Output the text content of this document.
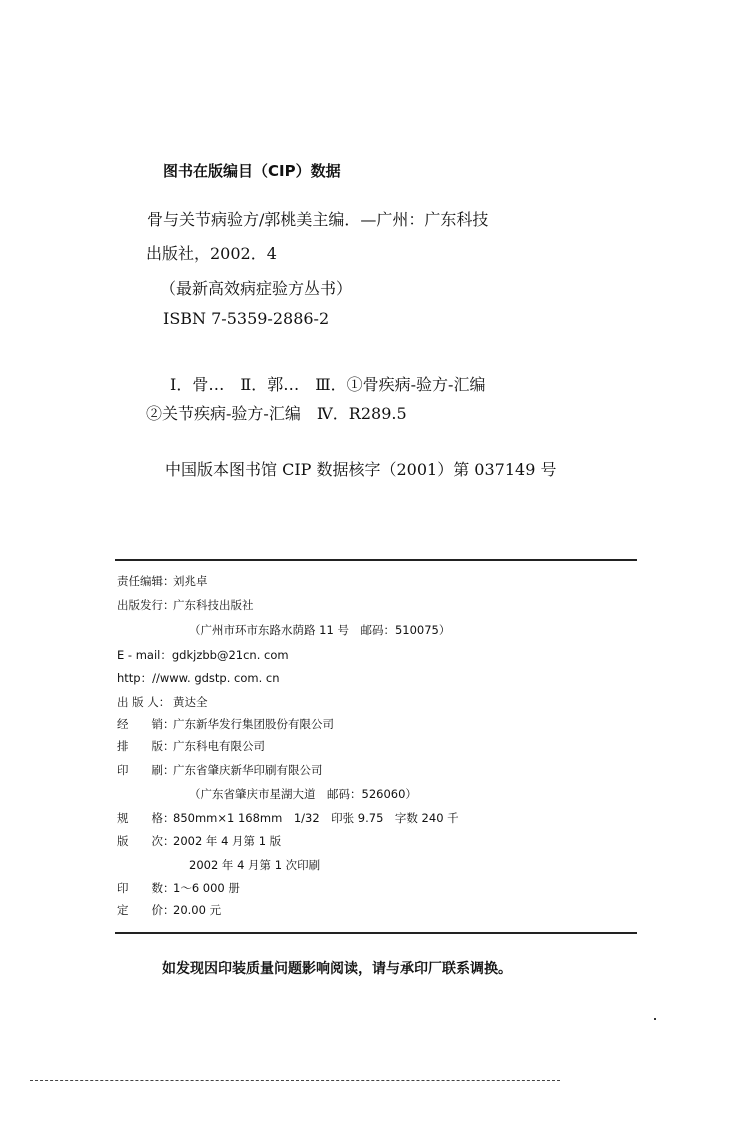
图书在版编目（CIP）数据
骨与关节病验方/郭桃美主编．—广州：广东科技
出版社，2002．4
（最新高效病症验方丛书）
ISBN 7-5359-2886-2
Ⅰ．骨…　Ⅱ．郭…　Ⅲ．①骨疾病-验方-汇编
②关节疾病-验方-汇编　Ⅳ．R289.5
中国版本图书馆 CIP 数据核字（2001）第 037149 号
责任编辑：刘兆卓
出版发行：广东科技出版社
（广州市环市东路水荫路 11 号　邮码：510075）
E - mail：gdkjzbb@21cn. com
http：//www. gdstp. com. cn
出 版 人： 黄达全
经　　销：广东新华发行集团股份有限公司
排　　版：广东科电有限公司
印　　刷：广东省肇庆新华印刷有限公司
（广东省肇庆市星湖大道　邮码：526060）
规　　格：850mm×1 168mm　1/32　印张 9.75　字数 240 千
版　　次：2002 年 4 月第 1 版
2002 年 4 月第 1 次印刷
印　　数：1～6 000 册
定　　价：20.00 元
如发现因印装质量问题影响阅读，请与承印厂联系调换。
